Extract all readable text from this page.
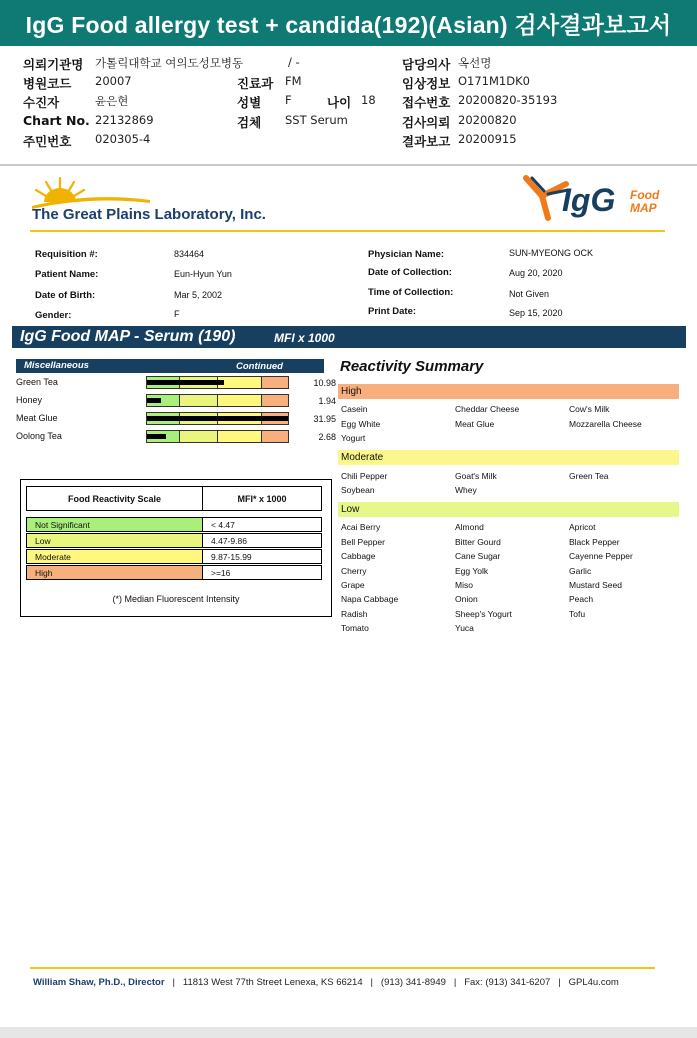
IgG Food allergy test + candida(192)(Asian) 검사결과보고서
의뢰기관명 가톨릭대학교 여의도성모병동	/ -	담당의사 옥선명
병원코드 20007	진료과 FM	임상정보 O171M1DK0
수진자	윤은현	성별 F	나이 18 접수번호 20200820-35193
Chart No. 22132869	검체 SST Serum	검사의뢰 20200820
주민번호 020305-4	결과보고 20200915
The Great Plains Laboratory, Inc.	IgG Food
MAP
Requisition #:	834464
Patient Name:	Eun-Hyun Yun
Date of Birth:	Mar 5, 2002
Gender:	F
Physician Name:	SUN-MYEONG OCK
Date of Collection:	Aug 20, 2020
Time of Collection:	Not Given
Print Date:	Sep 15, 2020
IgG Food MAP - Serum (190)	MFI x 1000
Miscellaneous	Continued
Green Tea	10.98
Honey	1.94
Meat Glue	31.95
Oolong Tea	2.68
Food Reactivity Scale	MFI* x 1000
Not Significant	< 4.47
Low	4.47-9.86
Moderate	9.87-15.99
High	>=16
(*) Median Fluorescent Intensity
Reactivity Summary
High
Casein	Cheddar Cheese	Cow's Milk
Egg White	Meat Glue	Mozzarella Cheese
Yogurt
Moderate
Chili Pepper	Goat's Milk	Green Tea
Soybean	Whey
Low
Acai Berry	Almond	Apricot
Bell Pepper	Bitter Gourd	Black Pepper
Cabbage	Cane Sugar	Cayenne Pepper
Cherry	Egg Yolk	Garlic
Grape	Miso	Mustard Seed
Napa Cabbage	Onion	Peach
Radish	Sheep's Yogurt	Tofu
Tomato	Yuca
William Shaw, Ph.D., Director | 11813 West 77th Street Lenexa, KS 66214 | (913) 341-8949 | Fax: (913) 341-6207 | GPL4u.com
